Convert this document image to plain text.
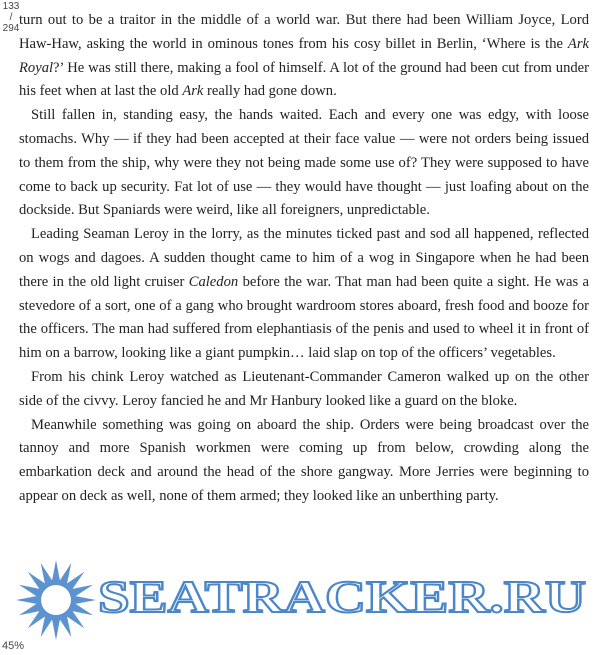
133
/
294

turn out to be a traitor in the middle of a world war. But there had been William Joyce, Lord Haw-Haw, asking the world in ominous tones from his cosy billet in Berlin, ‘Where is the Ark Royal?’ He was still there, making a fool of himself. A lot of the ground had been cut from under his feet when at last the old Ark really had gone down.

Still fallen in, standing easy, the hands waited. Each and every one was edgy, with loose stomachs. Why — if they had been accepted at their face value — were not orders being issued to them from the ship, why were they not being made some use of? They were supposed to have come to back up security. Fat lot of use — they would have thought — just loafing about on the dockside. But Spaniards were weird, like all foreigners, unpredictable.

Leading Seaman Leroy in the lorry, as the minutes ticked past and sod all happened, reflected on wogs and dagoes. A sudden thought came to him of a wog in Singapore when he had been there in the old light cruiser Caledon before the war. That man had been quite a sight. He was a stevedore of a sort, one of a gang who brought wardroom stores aboard, fresh food and booze for the officers. The man had suffered from elephantiasis of the penis and used to wheel it in front of him on a barrow, looking like a giant pumpkin… laid slap on top of the officers’ vegetables.

From his chink Leroy watched as Lieutenant-Commander Cameron walked up on the other side of the civvy. Leroy fancied he and Mr Hanbury looked like a guard on the bloke.

Meanwhile something was going on aboard the ship. Orders were being broadcast over the tannoy and more Spanish workmen were coming up from below, crowding along the embarkation deck and around the head of the shore gangway. More Jerries were beginning to appear on deck as well, none of them armed; they looked like an unberthing party.

SEATRACKER.RU
45%
